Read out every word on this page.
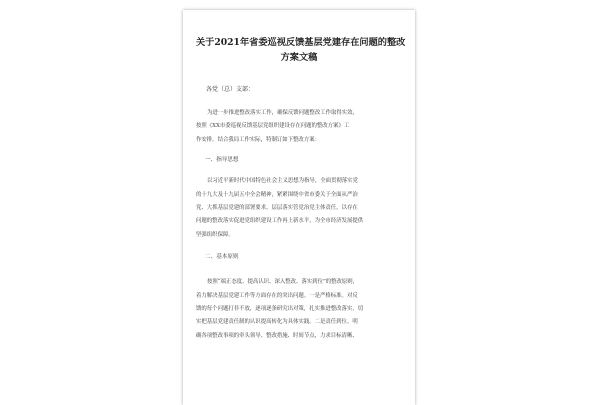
关于2021年省委巡视反馈基层党建存在问题的整改
方案文稿
各党（总）支部：
为进一步推进整改落实工作，确保反馈问题整改工作取得实效，
按照《XX市委巡视反馈基层党组织建设存在问题的整改方案》工
作安排，结合我局工作实际，特制订如下整改方案：
一、指导思想
以习近平新时代中国特色社会主义思想为指导，全面贯彻落实党
的十九大及十九届五中全会精神，紧紧围绕中省市委关于全面从严治
党、大抓基层党建的部署要求，层层落实管党治党主体责任，以存在
问题的整改落实促进党组织建设工作再上新水平，为全市经济发展提供
坚强组织保障。
二、基本原则
按照“端正态度、提高认识、深入整改、落实到位”的整改原则，
着力解决基层党建工作等方面存在的突出问题。一是严格标准。对反
馈的每个问题打非不放，逐项逐条研究出对策，扎实推进整改落实，切
实把基层党建责任制的认识提高转化为具体实践。二是责任到位。明
确各项整改事项的牵头领导、整改措施、时间节点，力求目标清晰、
